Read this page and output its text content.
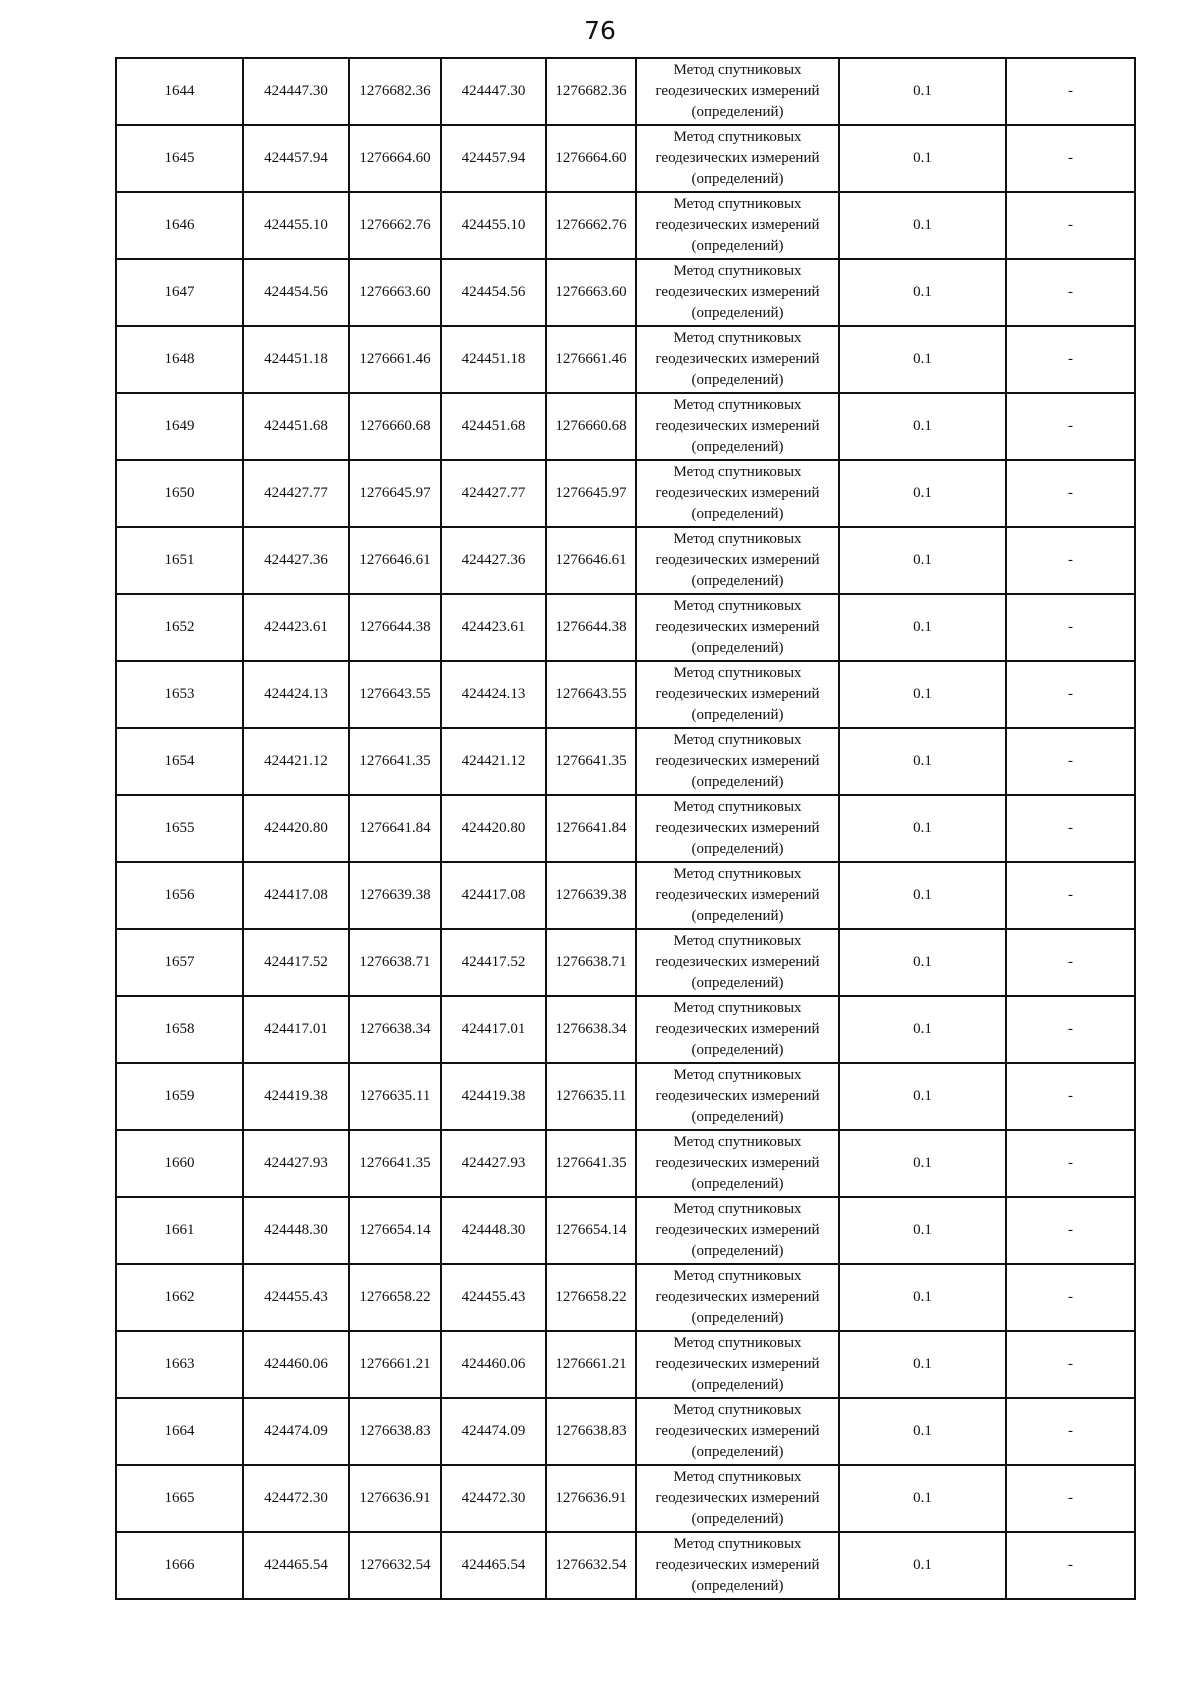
76
1644	424447.30	1276682.36	424447.30	1276682.36	Метод спутниковых
геодезических измерений
(определений)	0.1	-
1645	424457.94	1276664.60	424457.94	1276664.60	Метод спутниковых
геодезических измерений
(определений)	0.1	-
1646	424455.10	1276662.76	424455.10	1276662.76	Метод спутниковых
геодезических измерений
(определений)	0.1	-
1647	424454.56	1276663.60	424454.56	1276663.60	Метод спутниковых
геодезических измерений
(определений)	0.1	-
1648	424451.18	1276661.46	424451.18	1276661.46	Метод спутниковых
геодезических измерений
(определений)	0.1	-
1649	424451.68	1276660.68	424451.68	1276660.68	Метод спутниковых
геодезических измерений
(определений)	0.1	-
1650	424427.77	1276645.97	424427.77	1276645.97	Метод спутниковых
геодезических измерений
(определений)	0.1	-
1651	424427.36	1276646.61	424427.36	1276646.61	Метод спутниковых
геодезических измерений
(определений)	0.1	-
1652	424423.61	1276644.38	424423.61	1276644.38	Метод спутниковых
геодезических измерений
(определений)	0.1	-
1653	424424.13	1276643.55	424424.13	1276643.55	Метод спутниковых
геодезических измерений
(определений)	0.1	-
1654	424421.12	1276641.35	424421.12	1276641.35	Метод спутниковых
геодезических измерений
(определений)	0.1	-
1655	424420.80	1276641.84	424420.80	1276641.84	Метод спутниковых
геодезических измерений
(определений)	0.1	-
1656	424417.08	1276639.38	424417.08	1276639.38	Метод спутниковых
геодезических измерений
(определений)	0.1	-
1657	424417.52	1276638.71	424417.52	1276638.71	Метод спутниковых
геодезических измерений
(определений)	0.1	-
1658	424417.01	1276638.34	424417.01	1276638.34	Метод спутниковых
геодезических измерений
(определений)	0.1	-
1659	424419.38	1276635.11	424419.38	1276635.11	Метод спутниковых
геодезических измерений
(определений)	0.1	-
1660	424427.93	1276641.35	424427.93	1276641.35	Метод спутниковых
геодезических измерений
(определений)	0.1	-
1661	424448.30	1276654.14	424448.30	1276654.14	Метод спутниковых
геодезических измерений
(определений)	0.1	-
1662	424455.43	1276658.22	424455.43	1276658.22	Метод спутниковых
геодезических измерений
(определений)	0.1	-
1663	424460.06	1276661.21	424460.06	1276661.21	Метод спутниковых
геодезических измерений
(определений)	0.1	-
1664	424474.09	1276638.83	424474.09	1276638.83	Метод спутниковых
геодезических измерений
(определений)	0.1	-
1665	424472.30	1276636.91	424472.30	1276636.91	Метод спутниковых
геодезических измерений
(определений)	0.1	-
1666	424465.54	1276632.54	424465.54	1276632.54	Метод спутниковых
геодезических измерений
(определений)	0.1	-
